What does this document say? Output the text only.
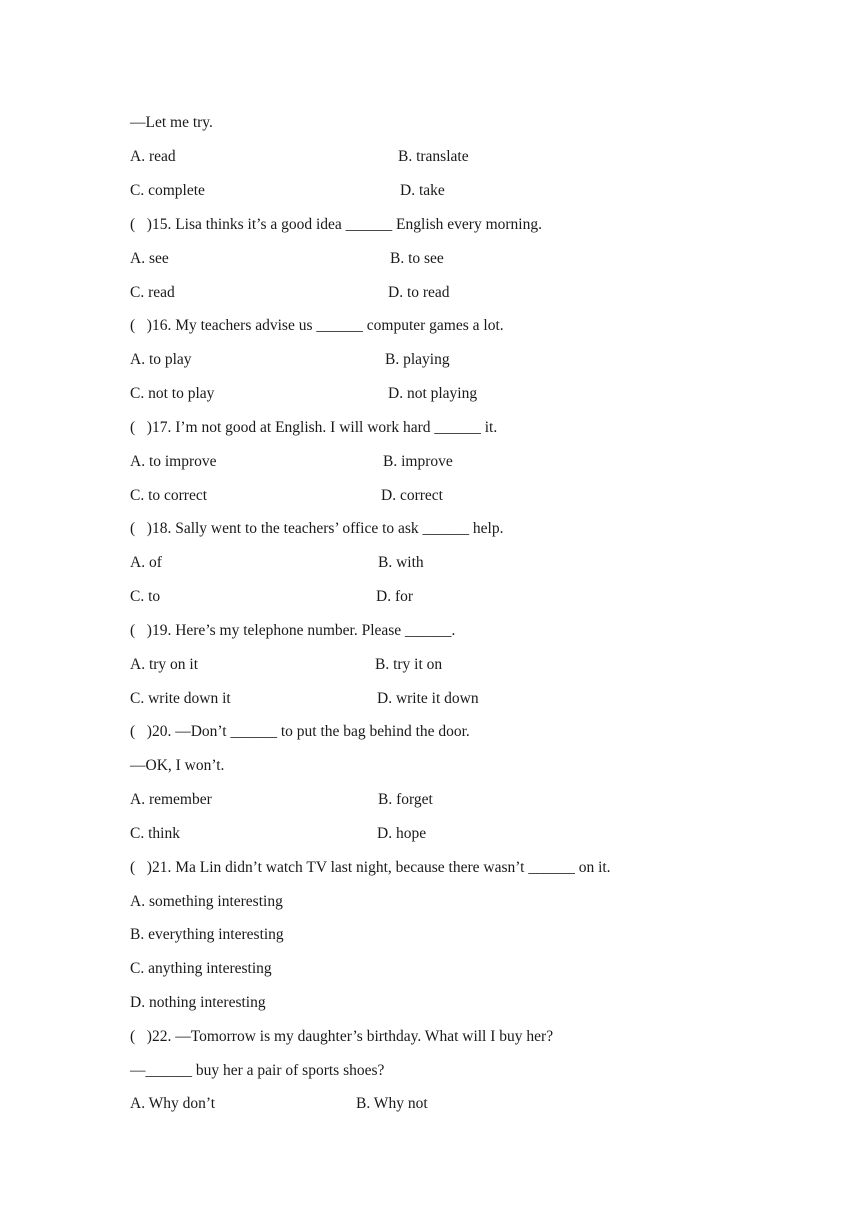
—Let me try.
A. read	B. translate
C. complete	D. take
(   )15. Lisa thinks it’s a good idea ______ English every morning.
A. see	B. to see
C. read	D. to read
(   )16. My teachers advise us ______ computer games a lot.
A. to play	B. playing
C. not to play	D. not playing
(   )17. I’m not good at English. I will work hard ______ it.
A. to improve	B. improve
C. to correct	D. correct
(   )18. Sally went to the teachers’ office to ask ______ help.
A. of	B. with
C. to	D. for
(   )19. Here’s my telephone number. Please ______.
A. try on it	B. try it on
C. write down it	D. write it down
(   )20. —Don’t ______ to put the bag behind the door.
—OK, I won’t.
A. remember	B. forget
C. think	D. hope
(   )21. Ma Lin didn’t watch TV last night, because there wasn’t ______ on it.
A. something interesting
B. everything interesting
C. anything interesting
D. nothing interesting
(   )22. —Tomorrow is my daughter’s birthday. What will I buy her?
—______ buy her a pair of sports shoes?
A. Why don’t	B. Why not
